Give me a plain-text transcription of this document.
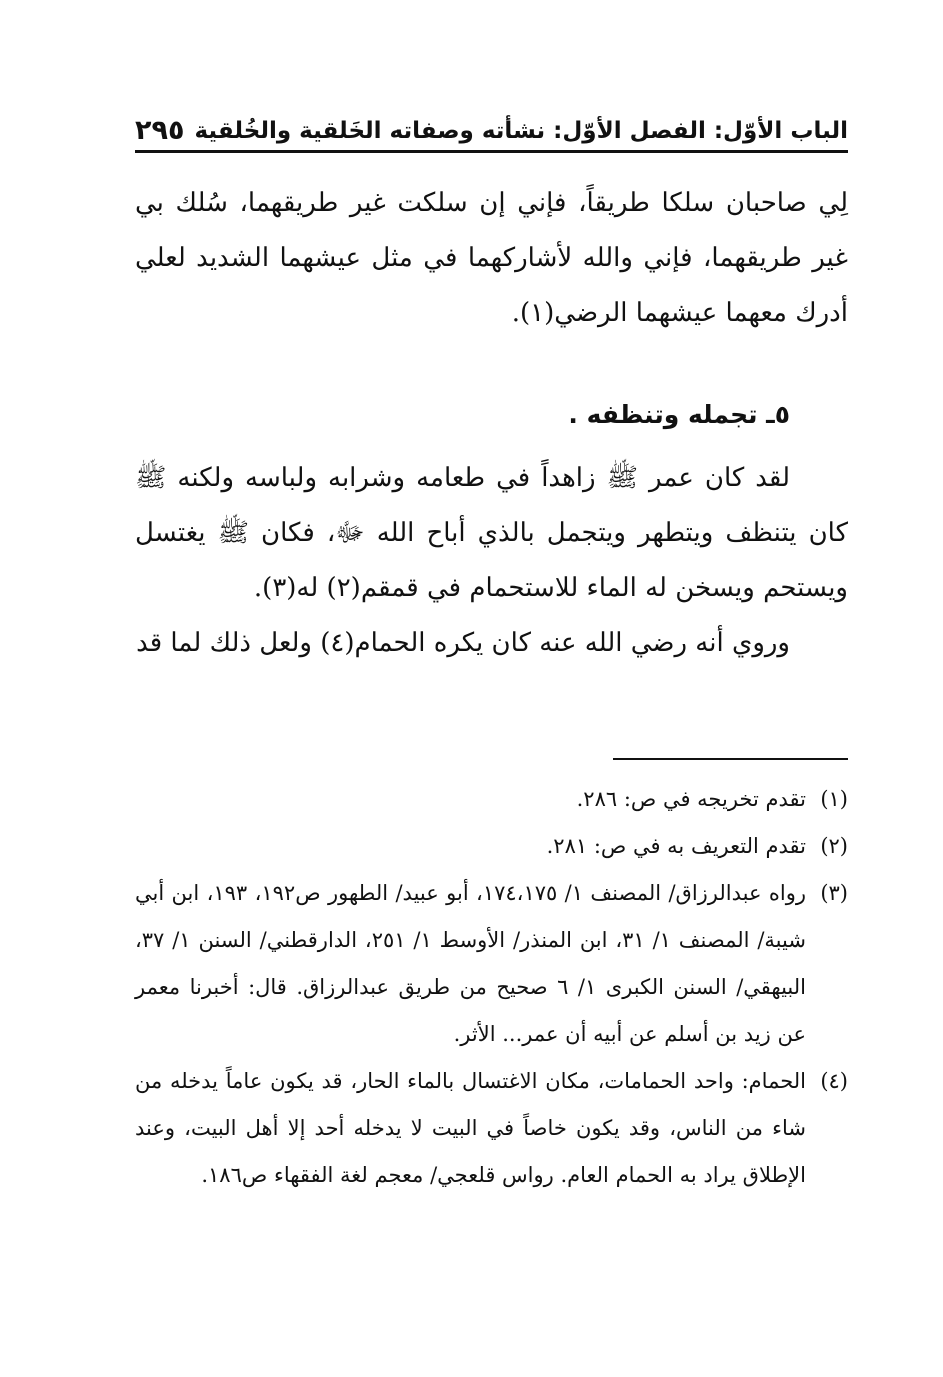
الباب الأوّل: الفصل الأوّل: نشأته وصفاته الخَلقية والخُلقية
٢٩٥

لِي صاحبان سلكا طريقاً، فإني إن سلكت غير طريقهما، سُلك بي غير طريقهما، فإني والله لأشاركهما في مثل عيشهما الشديد لعلي أدرك معهما عيشهما الرضي(١).

٥ـ تجمله وتنظفه .

لقد كان عمر ﷺ زاهداً في طعامه وشرابه ولباسه ولكنه ﷺ كان يتنظف ويتطهر ويتجمل بالذي أباح الله ﷻ، فكان ﷺ يغتسل ويستحم ويسخن له الماء للاستحمام في قمقم(٢) له(٣).

وروي أنه رضي الله عنه كان يكره الحمام(٤) ولعل ذلك لما قد

(١)تقدم تخريجه في ص: ٢٨٦.

(٢)تقدم التعريف به في ص: ٢٨١.

(٣)رواه عبدالرزاق/ المصنف ١/ ١٧٤،١٧٥، أبو عبيد/ الطهور ص١٩٢، ١٩٣، ابن أبي شيبة/ المصنف ١/ ٣١، ابن المنذر/ الأوسط ١/ ٢٥١، الدارقطني/ السنن ١/ ٣٧، البيهقي/ السنن الكبرى ١/ ٦ صحيح من طريق عبدالرزاق. قال: أخبرنا معمر عن زيد بن أسلم عن أبيه أن عمر... الأثر.

(٤)الحمام: واحد الحمامات، مكان الاغتسال بالماء الحار، قد يكون عاماً يدخله من شاء من الناس، وقد يكون خاصاً في البيت لا يدخله أحد إلا أهل البيت، وعند الإطلاق يراد به الحمام العام. رواس قلعجي/ معجم لغة الفقهاء ص١٨٦.
